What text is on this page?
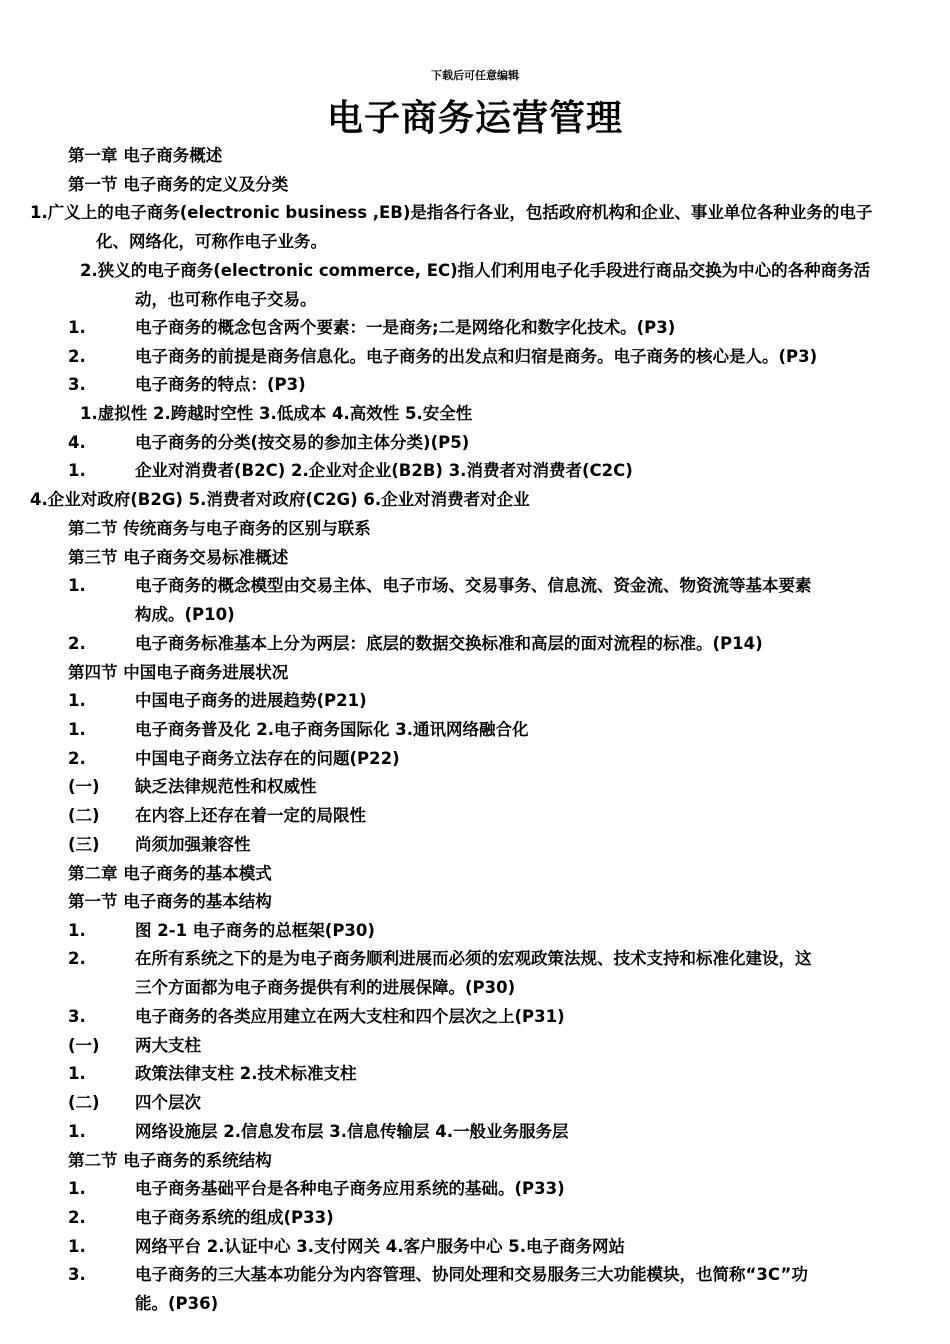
下载后可任意编辑
电子商务运营管理
第一章 电子商务概述
第一节 电子商务的定义及分类
1.广义上的电子商务(electronic business ,EB)是指各行各业，包括政府机构和企业、事业单位各种业务的电子
化、网络化，可称作电子业务。
2.狭义的电子商务(electronic commerce, EC)指人们利用电子化手段进行商品交换为中心的各种商务活
动，也可称作电子交易。
1.	电子商务的概念包含两个要素：一是商务;二是网络化和数字化技术。(P3)
2.	电子商务的前提是商务信息化。电子商务的出发点和归宿是商务。电子商务的核心是人。(P3)
3.	电子商务的特点：(P3)
1.虚拟性 2.跨越时空性 3.低成本 4.高效性 5.安全性
4.	电子商务的分类(按交易的参加主体分类)(P5)
1.	企业对消费者(B2C) 2.企业对企业(B2B) 3.消费者对消费者(C2C)
4.企业对政府(B2G) 5.消费者对政府(C2G) 6.企业对消费者对企业
第二节 传统商务与电子商务的区别与联系
第三节 电子商务交易标准概述
1.	电子商务的概念模型由交易主体、电子市场、交易事务、信息流、资金流、物资流等基本要素
构成。(P10)
2.	电子商务标准基本上分为两层：底层的数据交换标准和高层的面对流程的标准。(P14)
第四节 中国电子商务进展状况
1.	中国电子商务的进展趋势(P21)
1.	电子商务普及化 2.电子商务国际化 3.通讯网络融合化
2.	中国电子商务立法存在的问题(P22)
(一) 缺乏法律规范性和权威性
(二) 在内容上还存在着一定的局限性
(三) 尚须加强兼容性
第二章 电子商务的基本模式
第一节 电子商务的基本结构
1.	图 2-1 电子商务的总框架(P30)
2.	在所有系统之下的是为电子商务顺利进展而必须的宏观政策法规、技术支持和标准化建设，这
三个方面都为电子商务提供有利的进展保障。(P30)
3.	电子商务的各类应用建立在两大支柱和四个层次之上(P31)
(一) 两大支柱
1.	政策法律支柱 2.技术标准支柱
(二) 四个层次
1.	网络设施层 2.信息发布层 3.信息传输层 4.一般业务服务层
第二节 电子商务的系统结构
1.	电子商务基础平台是各种电子商务应用系统的基础。(P33)
2.	电子商务系统的组成(P33)
1.	网络平台 2.认证中心 3.支付网关 4.客户服务中心 5.电子商务网站
3.	电子商务的三大基本功能分为内容管理、协同处理和交易服务三大功能模块，也简称“3C”功
能。(P36)
